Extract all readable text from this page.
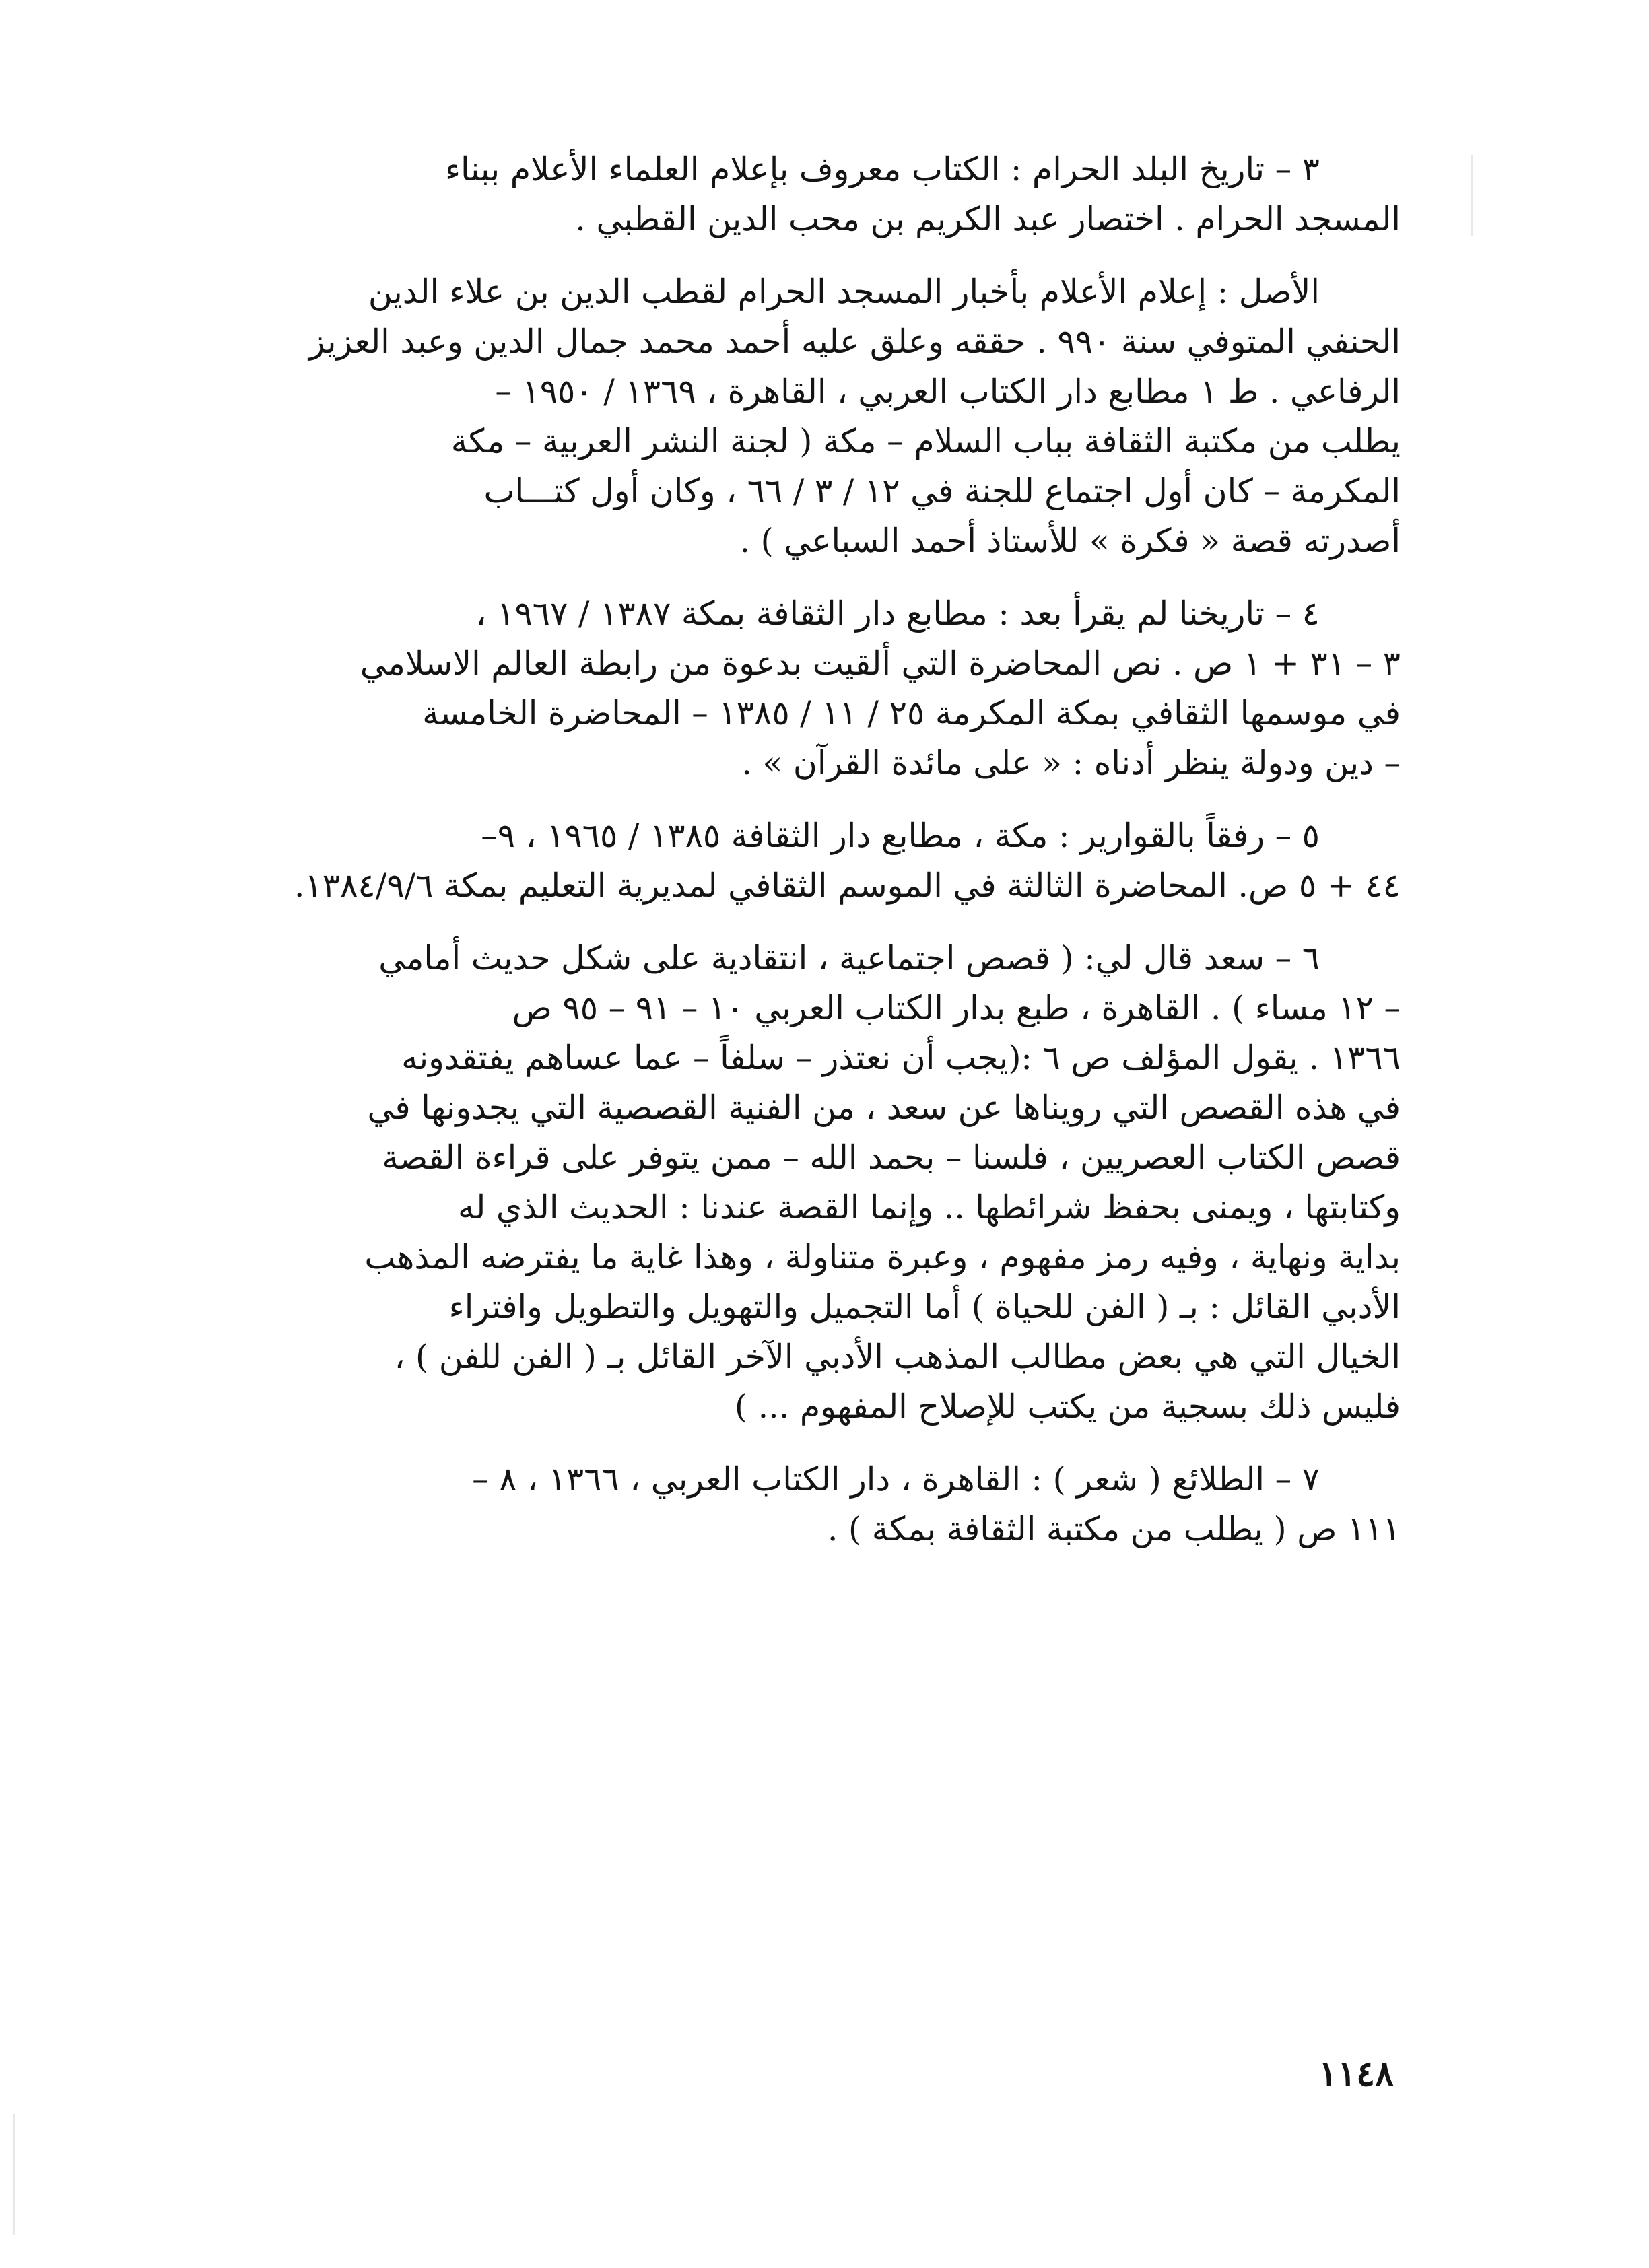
٣ – تاريخ البلد الحرام : الكتاب معروف بإعلام العلماء الأعلام ببناء
المسجد الحرام . اختصار عبد الكريم بن محب الدين القطبي .

الأصل : إعلام الأعلام بأخبار المسجد الحرام لقطب الدين بن علاء الدين
الحنفي المتوفي سنة ٩٩٠ . حققه وعلق عليه أحمد محمد جمال الدين وعبد العزيز
الرفاعي . ط ١ مطابع دار الكتاب العربي ، القاهرة ، ١٣٦٩ / ١٩٥٠ –
يطلب من مكتبة الثقافة بباب السلام – مكة ( لجنة النشر العربية – مكة
المكرمة – كان أول اجتماع للجنة في ١٢ / ٣ / ٦٦ ، وكان أول كتـــاب
أصدرته قصة « فكرة » للأستاذ أحمد السباعي ) .

٤ – تاريخنا لم يقرأ بعد : مطابع دار الثقافة بمكة ١٣٨٧ / ١٩٦٧ ،
٣ – ٣١ + ١ ص . نص المحاضرة التي ألقيت بدعوة من رابطة العالم الاسلامي
في موسمها الثقافي بمكة المكرمة ٢٥ / ١١ / ١٣٨٥ – المحاضرة الخامسة
– دين ودولة ينظر أدناه : « على مائدة القرآن » .

٥ – رفقاً بالقوارير : مكة ، مطابع دار الثقافة ١٣٨٥ / ١٩٦٥ ، ٩–
٤٤ + ٥ ص. المحاضرة الثالثة في الموسم الثقافي لمديرية التعليم بمكة ١٣٨٤/٩/٦.

٦ – سعد قال لي: ( قصص اجتماعية ، انتقادية على شكل حديث أمامي
– ١٢ مساء ) . القاهرة ، طبع بدار الكتاب العربي ١٠ – ٩١ – ٩٥ ص
١٣٦٦ . يقول المؤلف ص ٦ :(يجب أن نعتذر – سلفاً – عما عساهم يفتقدونه
في هذه القصص التي رويناها عن سعد ، من الفنية القصصية التي يجدونها في
قصص الكتاب العصريين ، فلسنا – بحمد الله – ممن يتوفر على قراءة القصة
وكتابتها ، ويمنى بحفظ شرائطها .. وإنما القصة عندنا : الحديث الذي له
بداية ونهاية ، وفيه رمز مفهوم ، وعبرة متناولة ، وهذا غاية ما يفترضه المذهب
الأدبي القائل : بـ ( الفن للحياة ) أما التجميل والتهويل والتطويل وافتراء
الخيال التي هي بعض مطالب المذهب الأدبي الآخر القائل بـ ( الفن للفن ) ،
فليس ذلك بسجية من يكتب للإصلاح المفهوم ... )

٧ – الطلائع ( شعر ) : القاهرة ، دار الكتاب العربي ، ١٣٦٦ ، ٨ –
١١١ ص ( يطلب من مكتبة الثقافة بمكة ) .

١١٤٨
